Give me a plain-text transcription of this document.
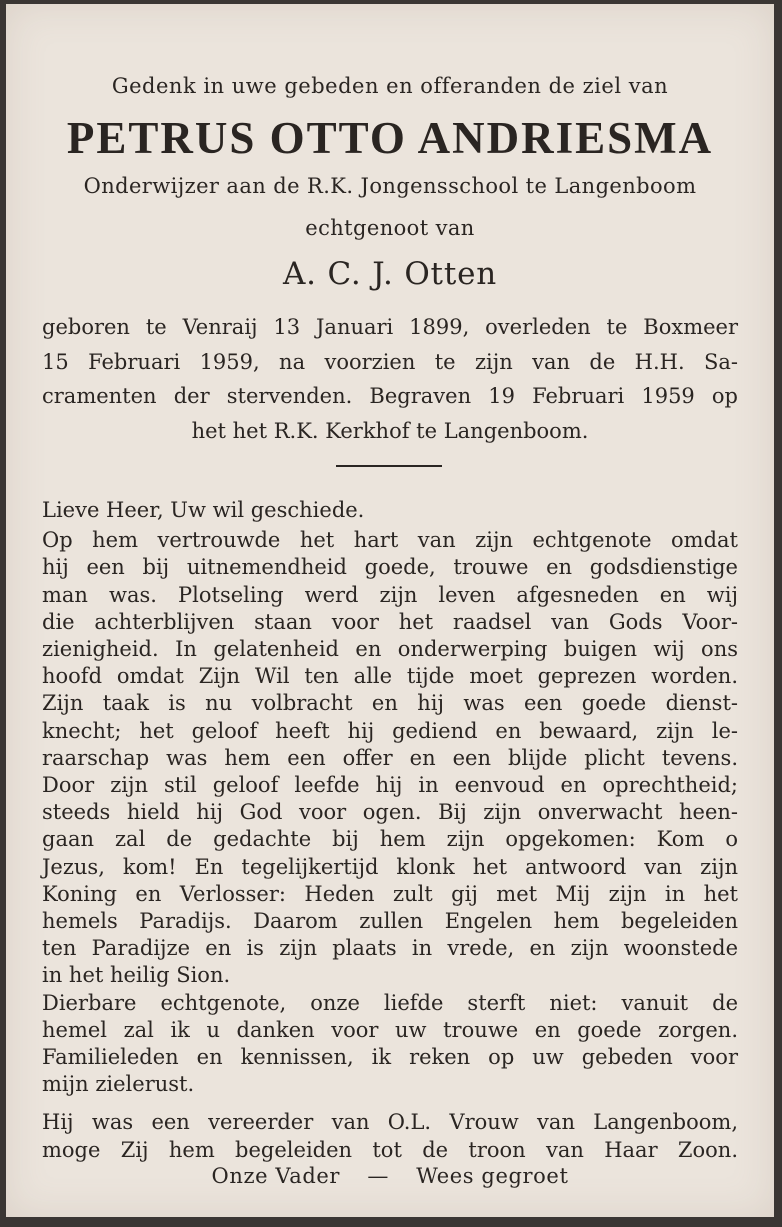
Gedenk in uwe gebeden en offeranden de ziel van
PETRUS OTTO ANDRIESMA
Onderwijzer aan de R.K. Jongensschool te Langenboom
echtgenoot van
A. C. J. Otten
geboren te Venraij 13 Januari 1899, overleden te Boxmeer
15 Februari 1959, na voorzien te zijn van de H.H. Sa-
cramenten der stervenden. Begraven 19 Februari 1959 op
het het R.K. Kerkhof te Langenboom.
Lieve Heer, Uw wil geschiede.
Op hem vertrouwde het hart van zijn echtgenote omdat
hij een bij uitnemendheid goede, trouwe en godsdienstige
man was. Plotseling werd zijn leven afgesneden en wij
die achterblijven staan voor het raadsel van Gods Voor-
zienigheid. In gelatenheid en onderwerping buigen wij ons
hoofd omdat Zijn Wil ten alle tijde moet geprezen worden.
Zijn taak is nu volbracht en hij was een goede dienst-
knecht; het geloof heeft hij gediend en bewaard, zijn le-
raarschap was hem een offer en een blijde plicht tevens.
Door zijn stil geloof leefde hij in eenvoud en oprechtheid;
steeds hield hij God voor ogen. Bij zijn onverwacht heen-
gaan zal de gedachte bij hem zijn opgekomen: Kom o
Jezus, kom! En tegelijkertijd klonk het antwoord van zijn
Koning en Verlosser: Heden zult gij met Mij zijn in het
hemels Paradijs. Daarom zullen Engelen hem begeleiden
ten Paradijze en is zijn plaats in vrede, en zijn woonstede
in het heilig Sion.
Dierbare echtgenote, onze liefde sterft niet: vanuit de
hemel zal ik u danken voor uw trouwe en goede zorgen.
Familieleden en kennissen, ik reken op uw gebeden voor
mijn zielerust.
Hij was een vereerder van O.L. Vrouw van Langenboom,
moge Zij hem begeleiden tot de troon van Haar Zoon.
Onze Vader — Wees gegroet
